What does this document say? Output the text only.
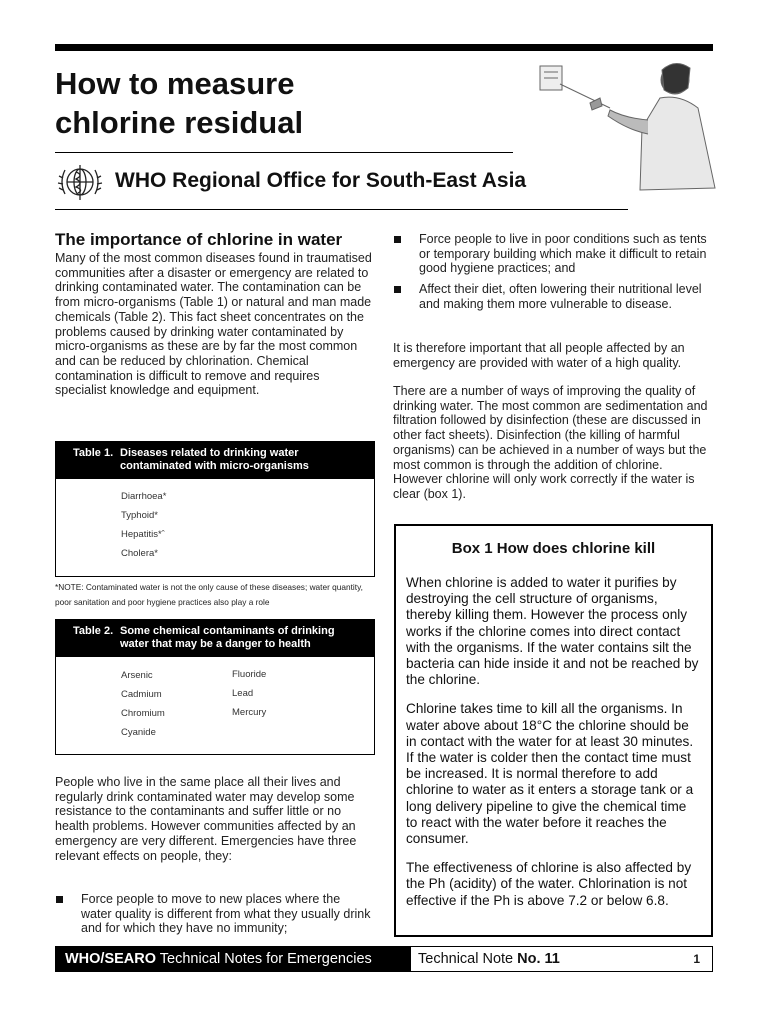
How to measure
chlorine residual
WHO Regional Office for South-East Asia
The importance of chlorine in water

Many of the most common diseases found in traumatised communities after a disaster or emergency are related to drinking contaminated water. The contamination can be from micro-organisms (Table 1) or natural and man made chemicals (Table 2). This fact sheet concentrates on the problems caused by drinking water contaminated by micro-organisms as these are by far the most common and can be reduced by chlorination. Chemical contamination is difficult to remove and requires specialist knowledge and equipment.

Table 1. Diseases related to drinking water contaminated with micro-organisms
Diarrhoea*
Typhoid*
Hepatitis*ˆ
Cholera*
*NOTE: Contaminated water is not the only cause of these diseases; water quantity, poor sanitation and poor hygiene practices also play a role
Table 2. Some chemical contaminants of drinking water that may be a danger to health
Arsenic
Cadmium
Chromium
Cyanide
Fluoride
Lead
Mercury

People who live in the same place all their lives and regularly drink contaminated water may develop some resistance to the contaminants and suffer little or no health problems. However communities affected by an emergency are very different. Emergencies have three relevant effects on people, they:

Force people to move to new places where the water quality is different from what they usually drink and for which they have no immunity;
Force people to live in poor conditions such as tents or temporary building which make it difficult to retain good hygiene practices; and
Affect their diet, often lowering their nutritional level and making them more vulnerable to disease.

It is therefore important that all people affected by an emergency are provided with water of a high quality.

There are a number of ways of improving the quality of drinking water. The most common are sedimentation and filtration followed by disinfection (these are discussed in other fact sheets). Disinfection (the killing of harmful organisms) can be achieved in a number of ways but the most common is through the addition of chlorine. However chlorine will only work correctly if the water is clear (box 1).

Box 1 How does chlorine kill

When chlorine is added to water it purifies by destroying the cell structure of organisms, thereby killing them. However the process only works if the chlorine comes into direct contact with the organisms. If the water contains silt the bacteria can hide inside it and not be reached by the chlorine.

Chlorine takes time to kill all the organisms. In water above about 18°C the chlorine should be in contact with the water for at least 30 minutes. If the water is colder then the contact time must be increased. It is normal therefore to add chlorine to water as it enters a storage tank or a long delivery pipeline to give the chemical time to react with the water before it reaches the consumer.

The effectiveness of chlorine is also affected by the Ph (acidity) of the water. Chlorination is not effective if the Ph is above 7.2 or below 6.8.

WHO/SEARO Technical Notes for Emergencies	Technical Note No. 11	1
